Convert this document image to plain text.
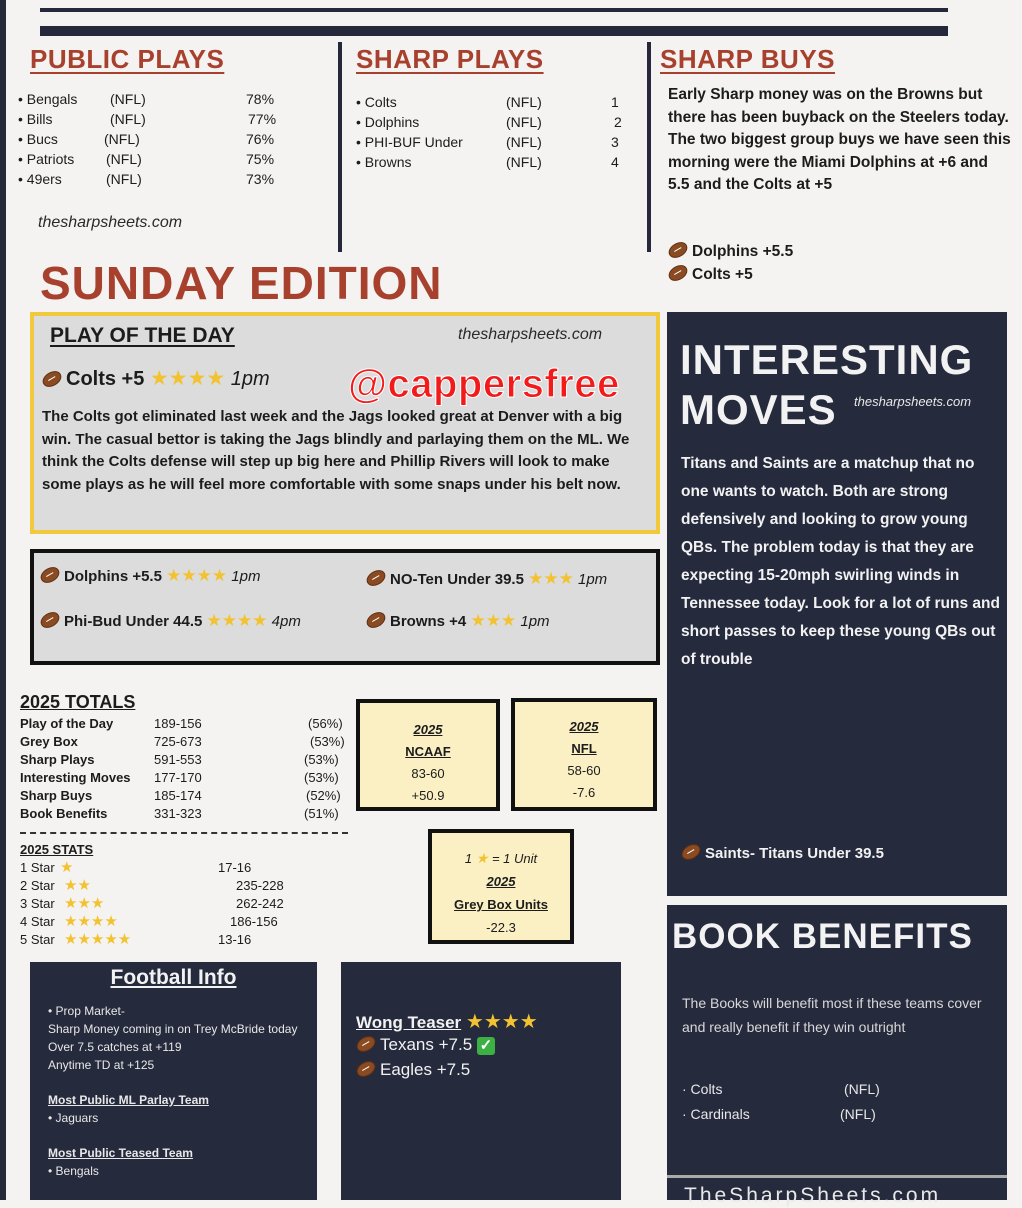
PUBLIC PLAYS
• Bengals (NFL)	78%
• Bills	(NFL)	77%
• Bucs	(NFL)	76%
• Patriots (NFL)	75%
• 49ers	(NFL)	73%
thesharpsheets.com
SHARP PLAYS
• Colts	(NFL)	1
• Dolphins	(NFL)	2
• PHI-BUF Under	(NFL)	3
• Browns	(NFL)	4
SHARP BUYS
Early Sharp money was on the Browns but there has been buyback on the Steelers today. The two biggest group buys we have seen this morning were the Miami Dolphins at +6 and 5.5 and the Colts at +5
Dolphins +5.5
Colts +5
SUNDAY EDITION
PLAY OF THE DAY	thesharpsheets.com
Colts +5 ★★★★ 1pm
The Colts got eliminated last week and the Jags looked great at Denver with a big win. The casual bettor is taking the Jags blindly and parlaying them on the ML. We think the Colts defense will step up big here and Phillip Rivers will look to make some plays as he will feel more comfortable with some snaps under his belt now.
@cappersfree
Dolphins +5.5 ★★★★ 1pm	NO-Ten Under 39.5 ★★★ 1pm
Phi-Bud Under 44.5 ★★★★ 4pm	Browns +4 ★★★ 1pm
2025 TOTALS
Play of the Day	189-156	(56%)
Grey Box	725-673	(53%)
Sharp Plays	591-553	(53%)
Interesting Moves 177-170	(53%)
Sharp Buys	185-174	(52%)
Book Benefits	331-323	(51%)
2025 STATS
1 Star ★	17-16
2 Star ★★	235-228
3 Star ★★★	262-242
4 Star ★★★★	186-156
5 Star ★★★★★	13-16
2025
NCAAF
83-60
+50.9
2025
NFL
58-60
-7.6
1 ★ = 1 Unit
2025
Grey Box Units
-22.3
INTERESTING
MOVES	thesharpsheets.com
Titans and Saints are a matchup that no one wants to watch. Both are strong defensively and looking to grow young QBs. The problem today is that they are expecting 15-20mph swirling winds in Tennessee today. Look for a lot of runs and short passes to keep these young QBs out of trouble
Saints- Titans Under 39.5
BOOK BENEFITS
The Books will benefit most if these teams cover and really benefit if they win outright
· Colts	(NFL)
· Cardinals	(NFL)
TheSharpSheets.com
Football Info
• Prop Market-
Sharp Money coming in on Trey McBride today
Over 7.5 catches at +119
Anytime TD at +125
Most Public ML Parlay Team
• Jaguars
Most Public Teased Team
• Bengals
Wong Teaser ★★★★
Texans +7.5 ✓
Eagles +7.5
